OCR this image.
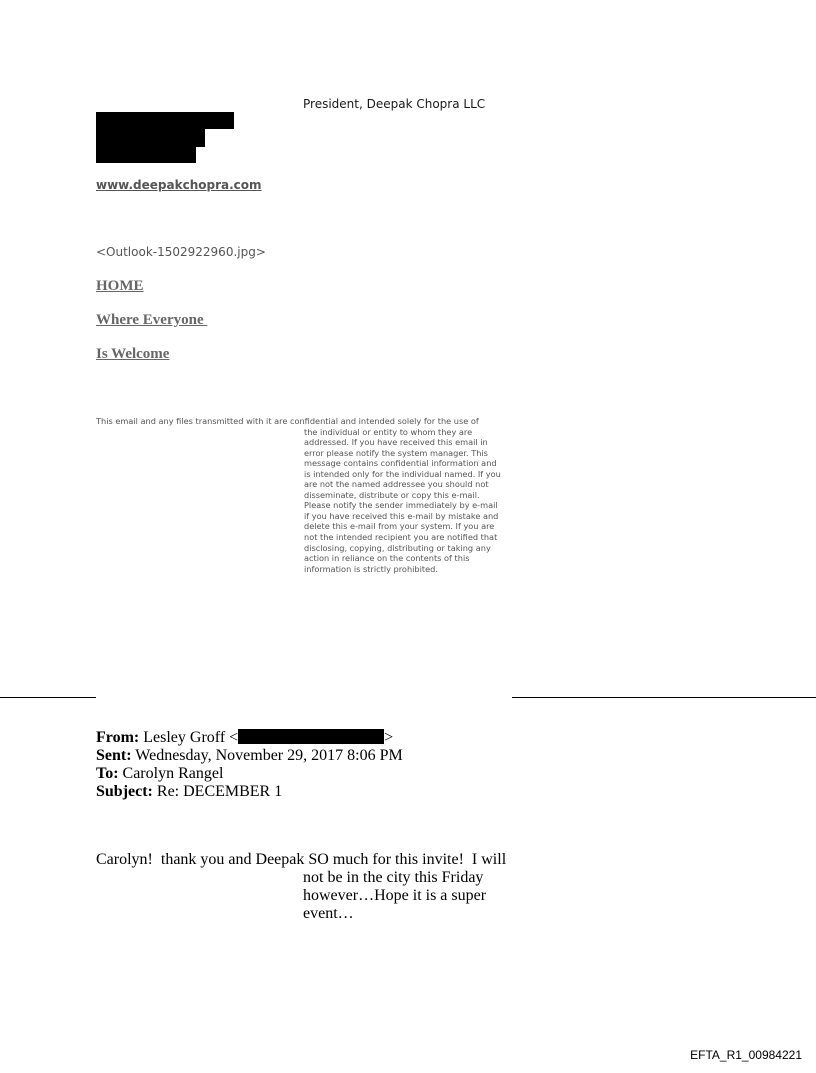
President, Deepak Chopra LLC
www.deepakchopra.com
<Outlook-1502922960.jpg>
HOME
Where Everyone
Is Welcome
This email and any files transmitted with it are confidential and intended solely for the use of
the individual or entity to whom they are
addressed. If you have received this email in
error please notify the system manager. This
message contains confidential information and
is intended only for the individual named. If you
are not the named addressee you should not
disseminate, distribute or copy this e-mail.
Please notify the sender immediately by e-mail
if you have received this e-mail by mistake and
delete this e-mail from your system. If you are
not the intended recipient you are notified that
disclosing, copying, distributing or taking any
action in reliance on the contents of this
information is strictly prohibited.
From: Lesley Groff <	>
Sent: Wednesday, November 29, 2017 8:06 PM
To: Carolyn Rangel
Subject: Re: DECEMBER 1
Carolyn!  thank you and Deepak SO much for this invite!  I will
not be in the city this Friday
however…Hope it is a super
event…
EFTA_R1_00984221
